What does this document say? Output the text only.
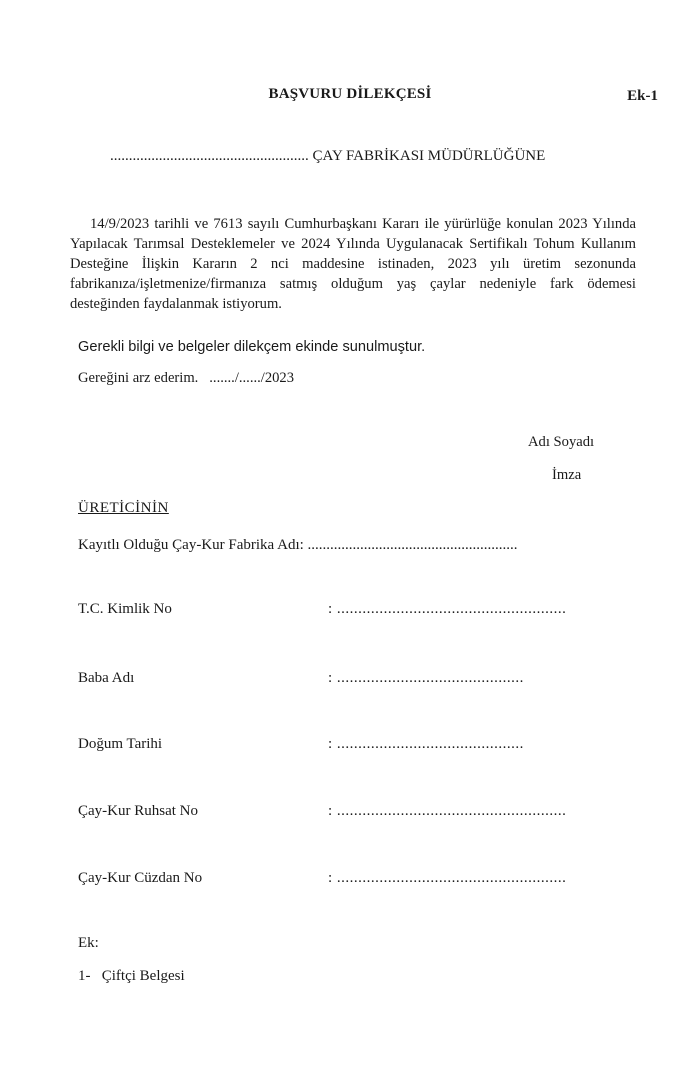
Ek-1
BAŞVURU DİLEKÇESİ
..................................................... ÇAY FABRİKASI MÜDÜRLÜĞÜNE
14/9/2023 tarihli ve 7613 sayılı Cumhurbaşkanı Kararı ile yürürlüğe konulan 2023 Yılında Yapılacak Tarımsal Desteklemeler ve 2024 Yılında Uygulanacak Sertifikalı Tohum Kullanım Desteğine İlişkin Kararın 2 nci maddesine istinaden, 2023 yılı üretim sezonunda fabrikanıza/işletmenize/firmanıza satmış olduğum yaş çaylar nedeniyle fark ödemesi desteğinden faydalanmak istiyorum.
Gerekli bilgi ve belgeler dilekçem ekinde sunulmuştur.
Gereğini arz ederim.   ......./....../2023
Adı Soyadı
İmza
ÜRETİCİNİN
Kayıtlı Olduğu Çay-Kur Fabrika Adı: ........................................................
T.C. Kimlik No	: ......................................................
Baba Adı	: ............................................
Doğum Tarihi	: ............................................
Çay-Kur Ruhsat No	: ......................................................
Çay-Kur Cüzdan No	: ......................................................
Ek:
1-   Çiftçi Belgesi
